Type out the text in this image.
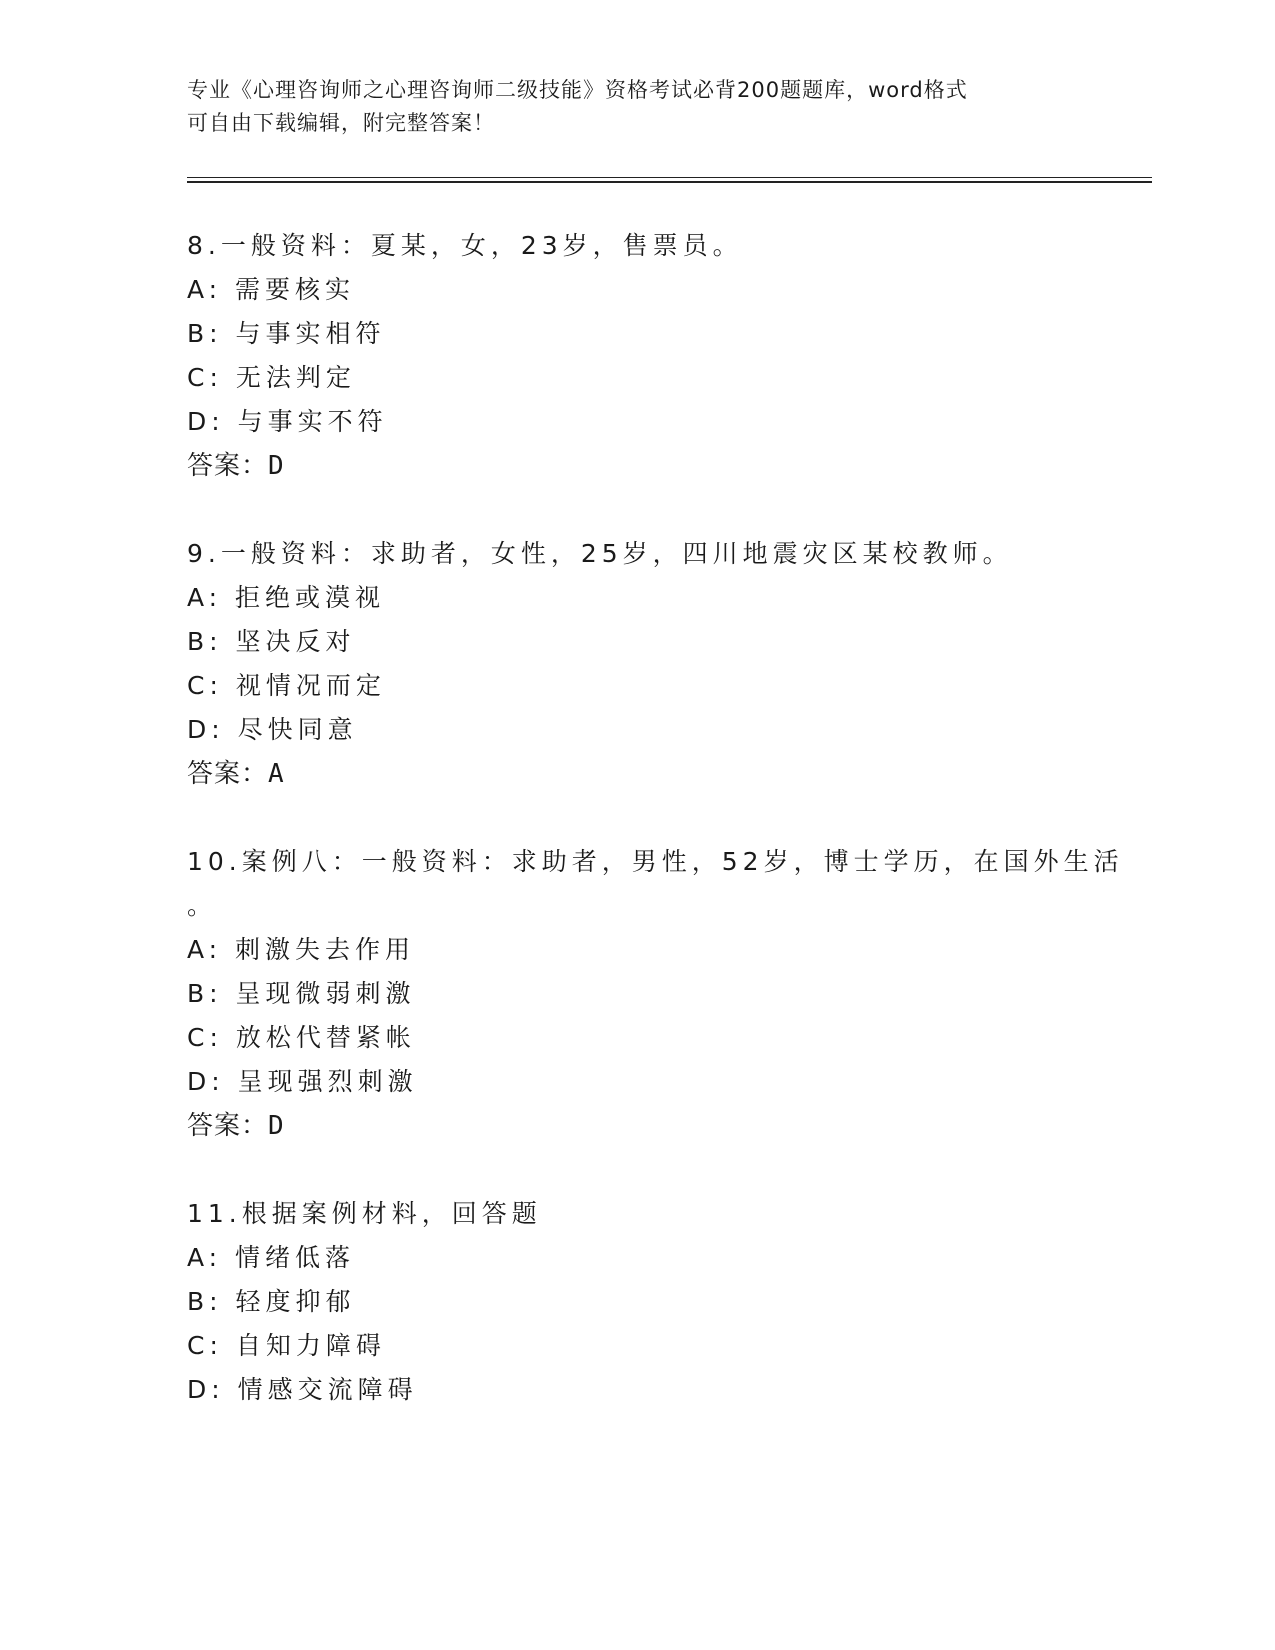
专业《心理咨询师之心理咨询师二级技能》资格考试必背200题题库，word格式
可自由下载编辑，附完整答案！
8.一般资料：夏某，女，23岁，售票员。
A: 需要核实
B: 与事实相符
C: 无法判定
D: 与事实不符
答案：D
9.一般资料：求助者，女性，25岁，四川地震灾区某校教师。
A: 拒绝或漠视
B: 坚决反对
C: 视情况而定
D: 尽快同意
答案：A
10.案例八：一般资料：求助者，男性，52岁，博士学历，在国外生活
。
A: 刺激失去作用
B: 呈现微弱刺激
C: 放松代替紧帐
D: 呈现强烈刺激
答案：D
11.根据案例材料，回答题
A: 情绪低落
B: 轻度抑郁
C: 自知力障碍
D: 情感交流障碍
